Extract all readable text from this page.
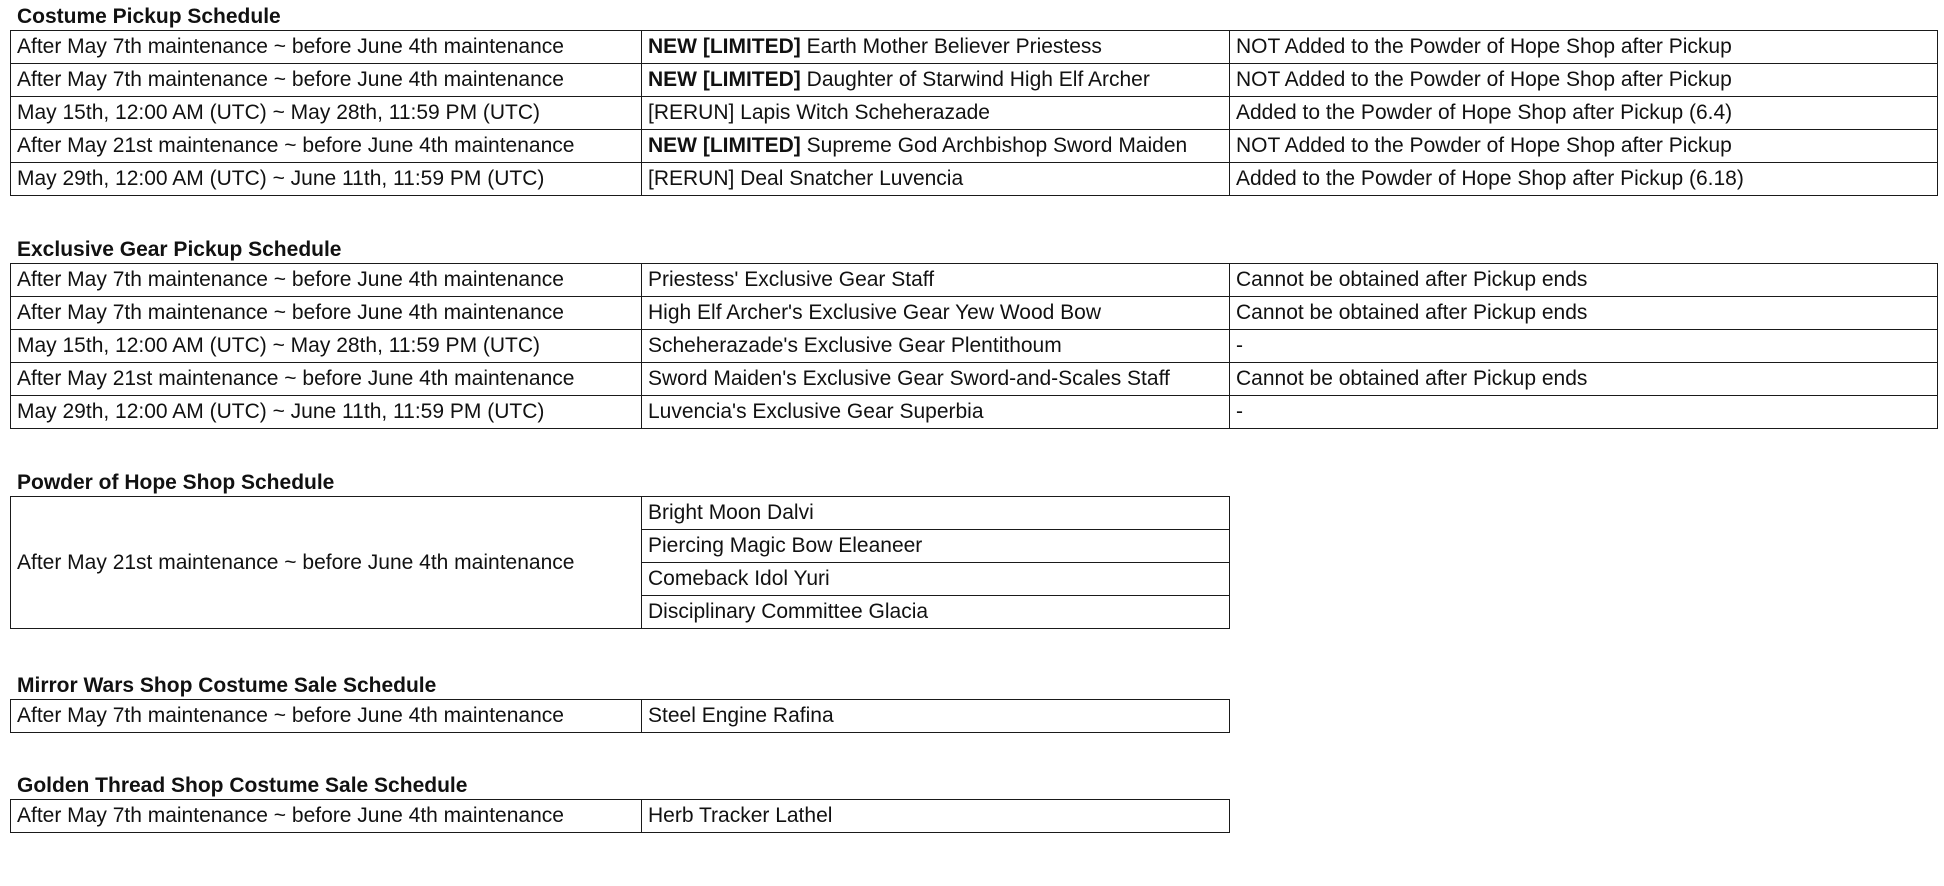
Costume Pickup Schedule
After May 7th maintenance ~ before June 4th maintenance	NEW [LIMITED] Earth Mother Believer Priestess	NOT Added to the Powder of Hope Shop after Pickup
After May 7th maintenance ~ before June 4th maintenance	NEW [LIMITED] Daughter of Starwind High Elf Archer	NOT Added to the Powder of Hope Shop after Pickup
May 15th, 12:00 AM (UTC) ~ May 28th, 11:59 PM (UTC)	[RERUN] Lapis Witch Scheherazade	Added to the Powder of Hope Shop after Pickup (6.4)
After May 21st maintenance ~ before June 4th maintenance	NEW [LIMITED] Supreme God Archbishop Sword Maiden	NOT Added to the Powder of Hope Shop after Pickup
May 29th, 12:00 AM (UTC) ~ June 11th, 11:59 PM (UTC)	[RERUN] Deal Snatcher Luvencia	Added to the Powder of Hope Shop after Pickup (6.18)
Exclusive Gear Pickup Schedule
After May 7th maintenance ~ before June 4th maintenance	Priestess' Exclusive Gear Staff	Cannot be obtained after Pickup ends
After May 7th maintenance ~ before June 4th maintenance	High Elf Archer's Exclusive Gear Yew Wood Bow	Cannot be obtained after Pickup ends
May 15th, 12:00 AM (UTC) ~ May 28th, 11:59 PM (UTC)	Scheherazade's Exclusive Gear Plentithoum	-
After May 21st maintenance ~ before June 4th maintenance	Sword Maiden's Exclusive Gear Sword-and-Scales Staff	Cannot be obtained after Pickup ends
May 29th, 12:00 AM (UTC) ~ June 11th, 11:59 PM (UTC)	Luvencia's Exclusive Gear Superbia	-
Powder of Hope Shop Schedule
After May 21st maintenance ~ before June 4th maintenance	Bright Moon Dalvi
Piercing Magic Bow Eleaneer
Comeback Idol Yuri
Disciplinary Committee Glacia
Mirror Wars Shop Costume Sale Schedule
After May 7th maintenance ~ before June 4th maintenance	Steel Engine Rafina
Golden Thread Shop Costume Sale Schedule
After May 7th maintenance ~ before June 4th maintenance	Herb Tracker Lathel
